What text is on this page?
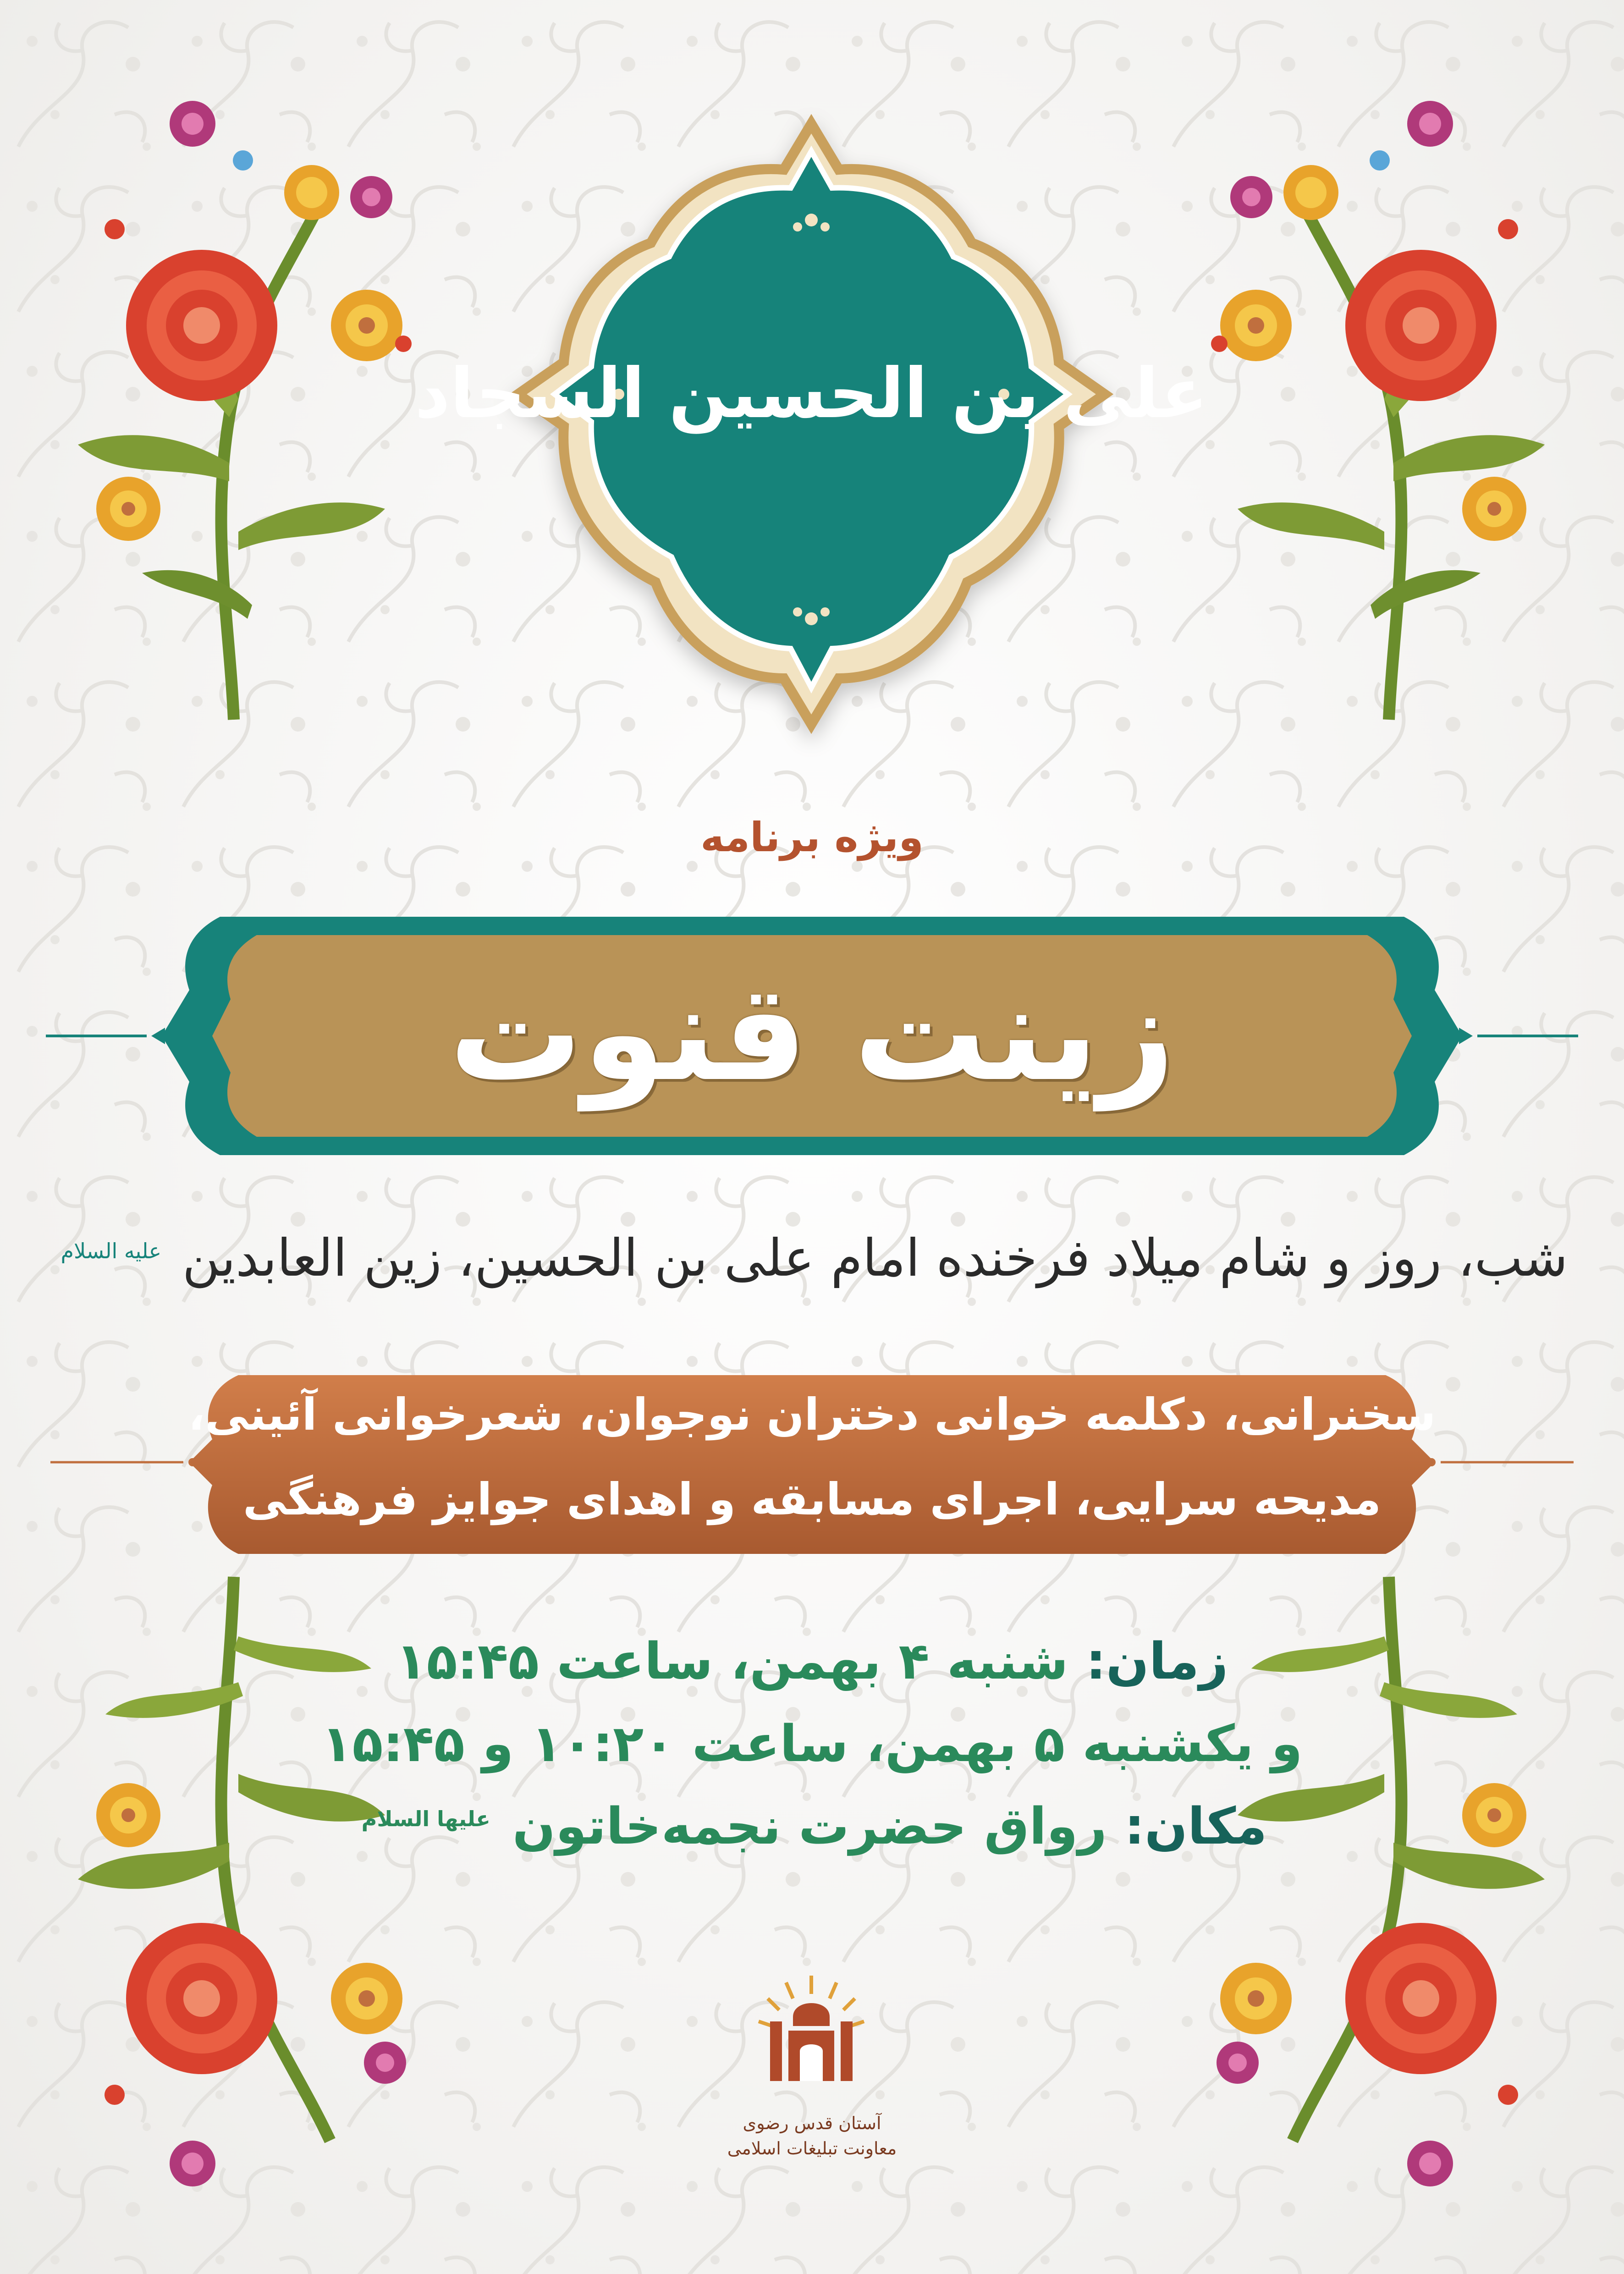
علی بن الحسین السجاد
ویژه برنامه
زینت قنوت
شب، روز و شام میلاد فرخنده امام علی بن الحسین، زین العابدین $^{علیه السلام}$
سخنرانی، دکلمه خوانی دختران نوجوان، شعرخوانی آئینی،
مدیحه سرایی، اجرای مسابقه و اهدای جوایز فرهنگی
زمان: شنبه ۴ بهمن، ساعت ۱۵:۴۵
و یکشنبه ۵ بهمن، ساعت ۱۰:۲۰ و ۱۵:۴۵
مکان: رواق حضرت نجمه‌خاتون $^{علیها السلام}$
آستان قدس رضوی
معاونت تبلیغات اسلامی
